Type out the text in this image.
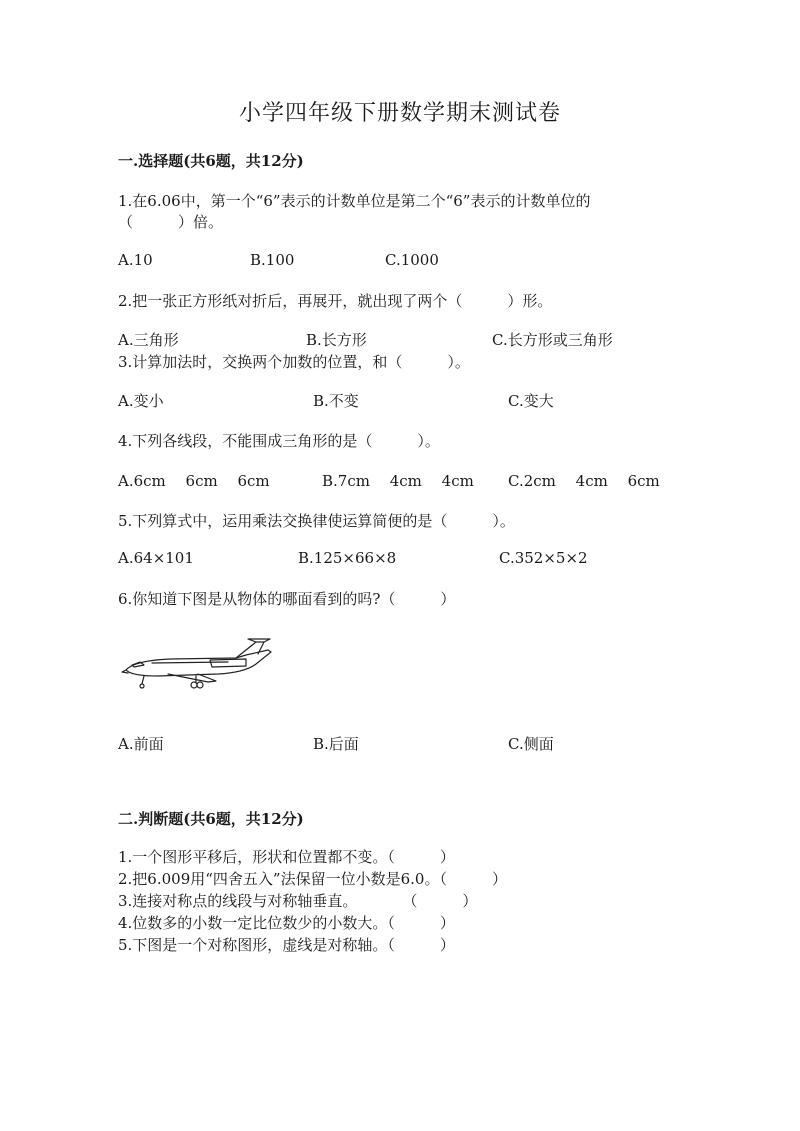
小学四年级下册数学期末测试卷
一.选择题(共6题，共12分)
1.在6.06中，第一个“6”表示的计数单位是第二个“6”表示的计数单位的
（　　　）倍。
A.10	B.100	C.1000
2.把一张正方形纸对折后，再展开，就出现了两个（　　　）形。
A.三角形	B.长方形	C.长方形或三角形
3.计算加法时，交换两个加数的位置，和（　　　）。
A.变小	B.不变	C.变大
4.下列各线段，不能围成三角形的是（　　　）。
A.6cm　 6cm　 6cm	B.7cm　 4cm　 4cm C.2cm　 4cm　 6cm
5.下列算式中，运用乘法交换律使运算简便的是（　　　）。
A.64×101	B.125×66×8	C.352×5×2
6.你知道下图是从物体的哪面看到的吗?（　　　）
A.前面	B.后面	C.侧面
二.判断题(共6题，共12分)
1.一个图形平移后，形状和位置都不变。（　　　）
2.把6.009用“四舍五入”法保留一位小数是6.0。（　　　）
3.连接对称点的线段与对称轴垂直。　　　　（　　　）
4.位数多的小数一定比位数少的小数大。（　　　）
5.下图是一个对称图形，虚线是对称轴。（　　　）
